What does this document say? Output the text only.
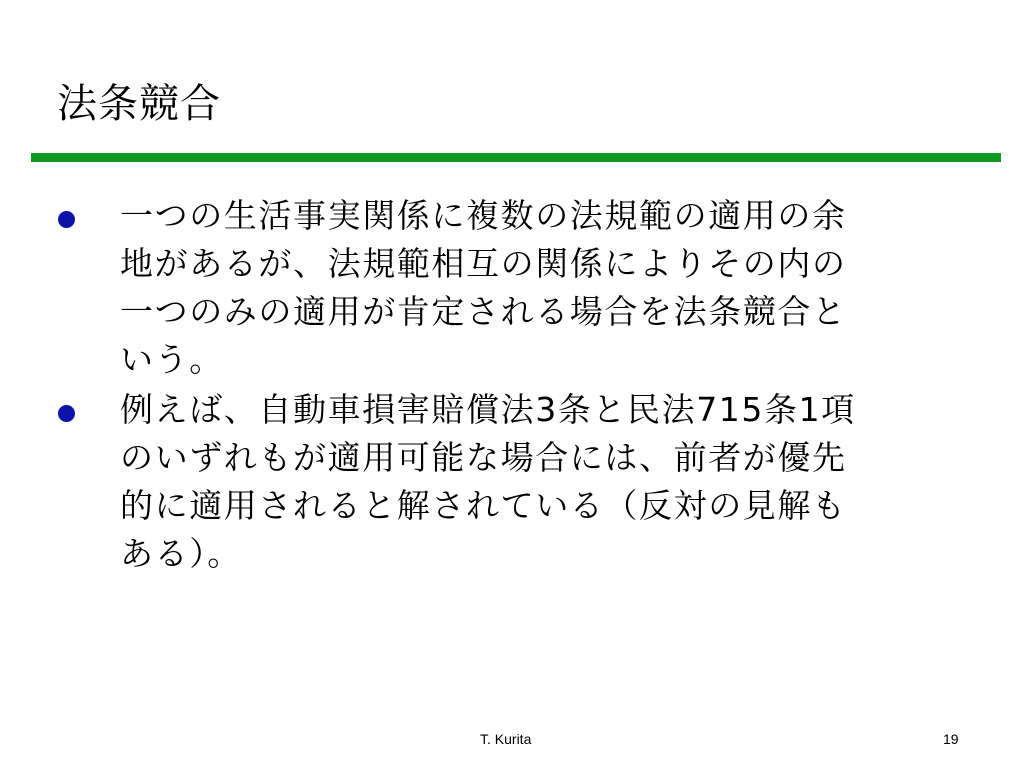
法条競合
一つの生活事実関係に複数の法規範の適用の余
地があるが、法規範相互の関係によりその内の
一つのみの適用が肯定される場合を法条競合と
いう。
例えば、自動車損害賠償法3条と民法715条1項
のいずれもが適用可能な場合には、前者が優先
的に適用されると解されている（反対の見解も
ある）。
T. Kurita	19
